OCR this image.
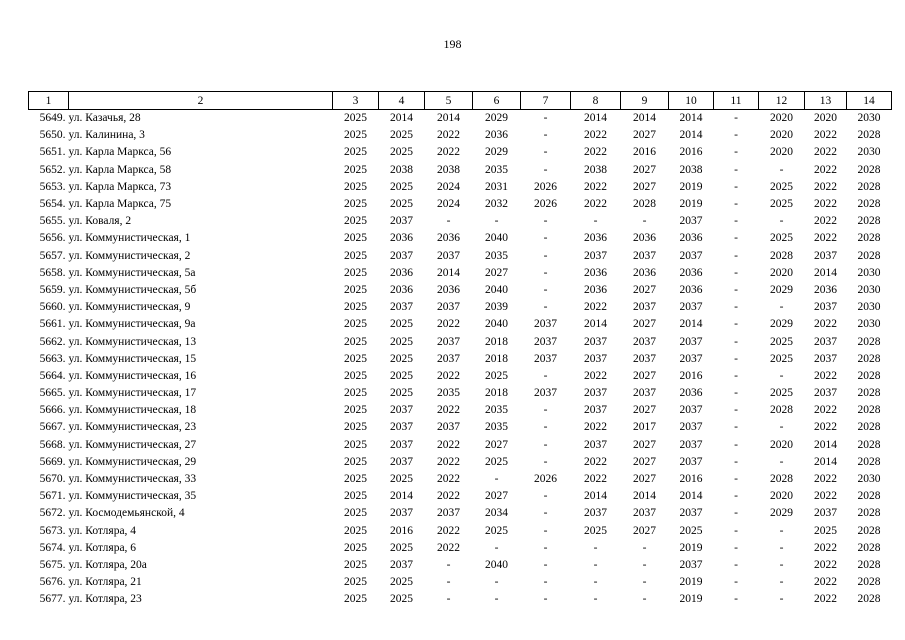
198
1	2	3	4	5	6	7	8	9	10	11	12	13	14
5649.	ул. Казачья, 28	2025	2014	2014	2029	-	2014	2014	2014	-	2020	2020	2030
5650.	ул. Калинина, 3	2025	2025	2022	2036	-	2022	2027	2014	-	2020	2022	2028
5651.	ул. Карла Маркса, 56	2025	2025	2022	2029	-	2022	2016	2016	-	2020	2022	2030
5652.	ул. Карла Маркса, 58	2025	2038	2038	2035	-	2038	2027	2038	-	-	2022	2028
5653.	ул. Карла Маркса, 73	2025	2025	2024	2031	2026	2022	2027	2019	-	2025	2022	2028
5654.	ул. Карла Маркса, 75	2025	2025	2024	2032	2026	2022	2028	2019	-	2025	2022	2028
5655.	ул. Коваля, 2	2025	2037	-	-	-	-	-	2037	-	-	2022	2028
5656.	ул. Коммунистическая, 1	2025	2036	2036	2040	-	2036	2036	2036	-	2025	2022	2028
5657.	ул. Коммунистическая, 2	2025	2037	2037	2035	-	2037	2037	2037	-	2028	2037	2028
5658.	ул. Коммунистическая, 5а	2025	2036	2014	2027	-	2036	2036	2036	-	2020	2014	2030
5659.	ул. Коммунистическая, 5б	2025	2036	2036	2040	-	2036	2027	2036	-	2029	2036	2030
5660.	ул. Коммунистическая, 9	2025	2037	2037	2039	-	2022	2037	2037	-	-	2037	2030
5661.	ул. Коммунистическая, 9а	2025	2025	2022	2040	2037	2014	2027	2014	-	2029	2022	2030
5662.	ул. Коммунистическая, 13	2025	2025	2037	2018	2037	2037	2037	2037	-	2025	2037	2028
5663.	ул. Коммунистическая, 15	2025	2025	2037	2018	2037	2037	2037	2037	-	2025	2037	2028
5664.	ул. Коммунистическая, 16	2025	2025	2022	2025	-	2022	2027	2016	-	-	2022	2028
5665.	ул. Коммунистическая, 17	2025	2025	2035	2018	2037	2037	2037	2036	-	2025	2037	2028
5666.	ул. Коммунистическая, 18	2025	2037	2022	2035	-	2037	2027	2037	-	2028	2022	2028
5667.	ул. Коммунистическая, 23	2025	2037	2037	2035	-	2022	2017	2037	-	-	2022	2028
5668.	ул. Коммунистическая, 27	2025	2037	2022	2027	-	2037	2027	2037	-	2020	2014	2028
5669.	ул. Коммунистическая, 29	2025	2037	2022	2025	-	2022	2027	2037	-	-	2014	2028
5670.	ул. Коммунистическая, 33	2025	2025	2022	-	2026	2022	2027	2016	-	2028	2022	2030
5671.	ул. Коммунистическая, 35	2025	2014	2022	2027	-	2014	2014	2014	-	2020	2022	2028
5672.	ул. Космодемьянской, 4	2025	2037	2037	2034	-	2037	2037	2037	-	2029	2037	2028
5673.	ул. Котляра, 4	2025	2016	2022	2025	-	2025	2027	2025	-	-	2025	2028
5674.	ул. Котляра, 6	2025	2025	2022	-	-	-	-	2019	-	-	2022	2028
5675.	ул. Котляра, 20а	2025	2037	-	2040	-	-	-	2037	-	-	2022	2028
5676.	ул. Котляра, 21	2025	2025	-	-	-	-	-	2019	-	-	2022	2028
5677.	ул. Котляра, 23	2025	2025	-	-	-	-	-	2019	-	-	2022	2028
